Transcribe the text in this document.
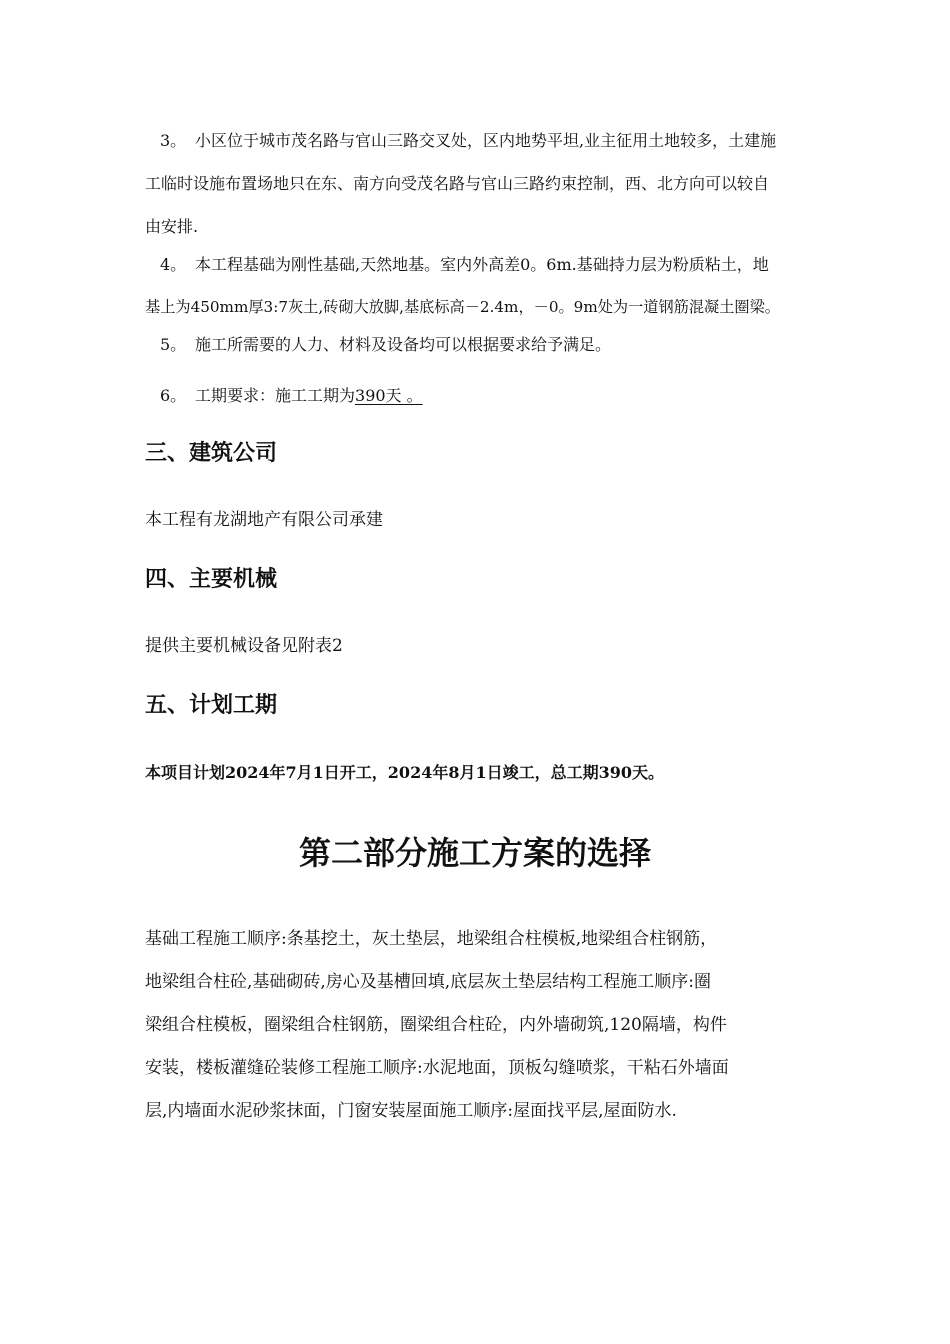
3。 小区位于城市茂名路与官山三路交叉处，区内地势平坦,业主征用土地较多，土建施
工临时设施布置场地只在东、南方向受茂名路与官山三路约束控制，西、北方向可以较自
由安排.
4。 本工程基础为刚性基础,天然地基。室内外高差0。6m.基础持力层为粉质粘土，地
基上为450mm厚3:7灰土,砖砌大放脚,基底标高－2.4m，－0。9m处为一道钢筋混凝土圈梁。
5。 施工所需要的人力、材料及设备均可以根据要求给予满足。
6。 工期要求：施工工期为390天 。
三、建筑公司
本工程有龙湖地产有限公司承建
四、主要机械
提供主要机械设备见附表2
五、计划工期
本项目计划2024年7月1日开工，2024年8月1日竣工，总工期390天。
第二部分施工方案的选择
基础工程施工顺序:条基挖土，灰土垫层，地梁组合柱模板,地梁组合柱钢筋，
地梁组合柱砼,基础砌砖,房心及基槽回填,底层灰土垫层结构工程施工顺序:圈
梁组合柱模板，圈梁组合柱钢筋，圈梁组合柱砼，内外墙砌筑,120隔墙，构件
安装，楼板灌缝砼装修工程施工顺序:水泥地面，顶板勾缝喷浆，干粘石外墙面
层,内墙面水泥砂浆抹面，门窗安装屋面施工顺序:屋面找平层,屋面防水.
